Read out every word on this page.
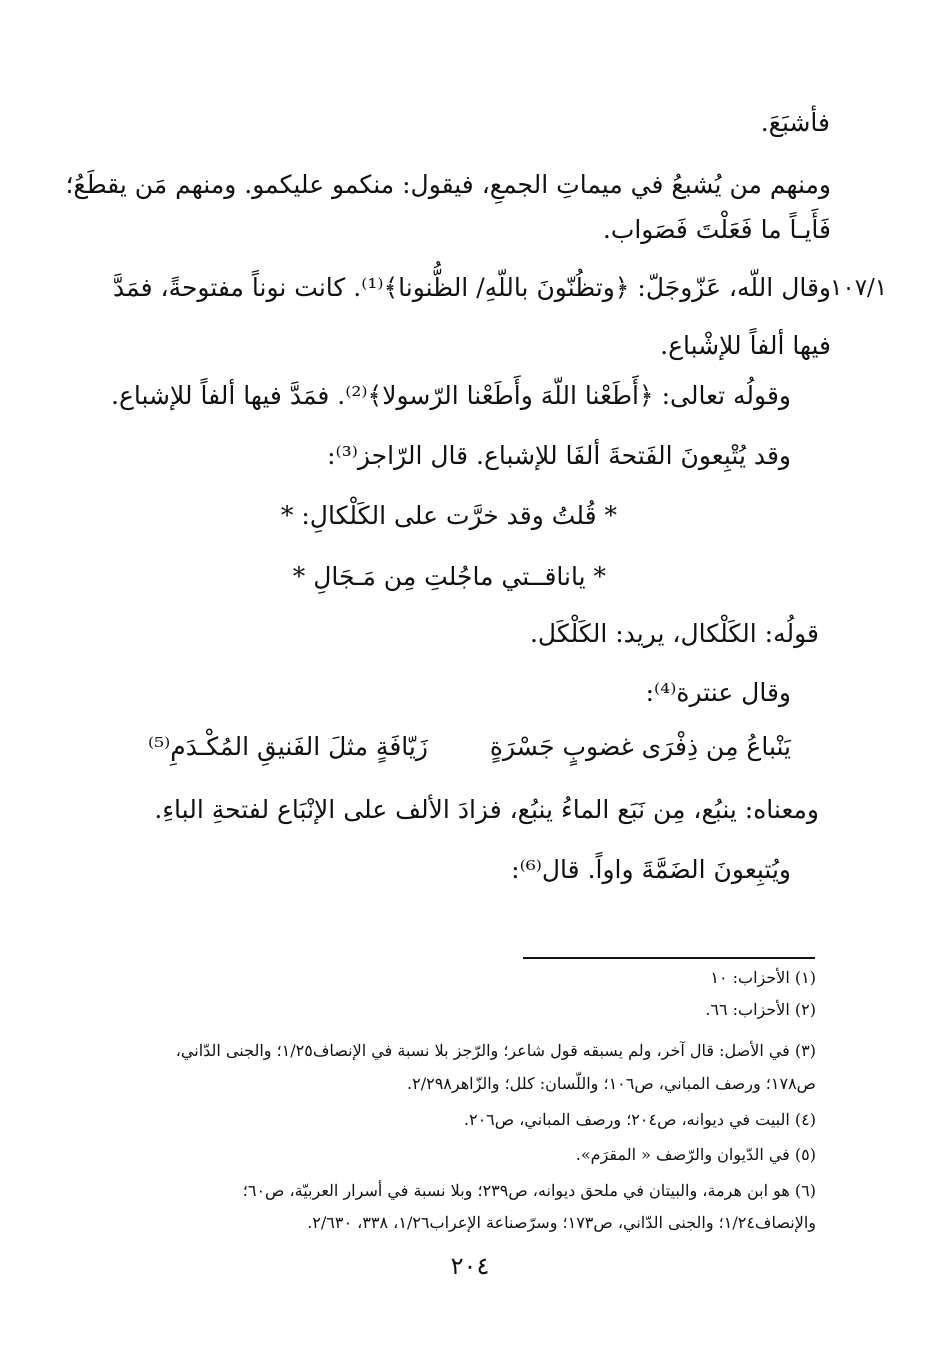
فأشبَعَ.
ومنهم من يُشبعُ في ميماتِ الجمعِ، فيقول: منكمو عليكمو. ومنهم مَن يقطَعُ؛
فَأَيـاً ما فَعَلْتَ فَصَواب.
١٠٧/١
وقال اللّه، عَزّوجَلّ: ﴿وتظُنّونَ باللّهِ/ الظُّنونا﴾⁽¹⁾. كانت نوناً مفتوحةً، فمَدَّ
فيها ألفاً للإشْباع.
وقولُه تعالى: ﴿أَطَعْنا اللّهَ وأَطَعْنا الرّسولا﴾⁽²⁾. فمَدَّ فيها ألفاً للإشباع.
وقد يُتْبِعونَ الفَتحةَ ألفَا للإشباع. قال الرّاجز⁽³⁾:
* قُلتُ وقد خرَّت على الكَلْكالِ: *
* ياناقــتي ماجُلتِ مِن مَـجَالِ *
قولُه: الكَلْكال، يريد: الكَلْكَل.
وقال عنترة⁽⁴⁾:
يَنْباعُ مِن ذِفْرَى غضوبٍ جَسْرَةٍ
زَيّافَةٍ مثلَ الفَنيقِ المُكْـدَمِ⁽⁵⁾
ومعناه: ينبُع، مِن نَبَع الماءُ ينبُع، فزادَ الألف على الإنْبَاع لفتحةِ الباءِ.
ويُتبِعونَ الضَمَّةَ واواً. قال⁽⁶⁾:
(١) الأحزاب: ١٠
(٢) الأحزاب: ٦٦.
(٣) في الأصل: قال آخر، ولم يسبقه قول شاعر؛ والرّجز بلا نسبة في الإنصاف١/٢٥؛ والجنى الدّاني،
ص١٧٨؛ ورصف المباني، ص١٠٦؛ واللّسان: كلل؛ والزّاهر٢/٢٩٨.
(٤) البيت في ديوانه، ص٢٠٤؛ ورصف المباني، ص٢٠٦.
(٥) في الدّيوان والرّصف « المقرَم».
(٦) هو ابن هرمة، والبيتان في ملحق ديوانه، ص٢٣٩؛ وبلا نسبة في أسرار العربيّة، ص٦٠؛
والإنصاف١/٢٤؛ والجنى الدّاني، ص١٧٣؛ وسرّصناعة الإعراب١/٢٦، ٣٣٨، ٢/٦٣٠.
٢٠٤
